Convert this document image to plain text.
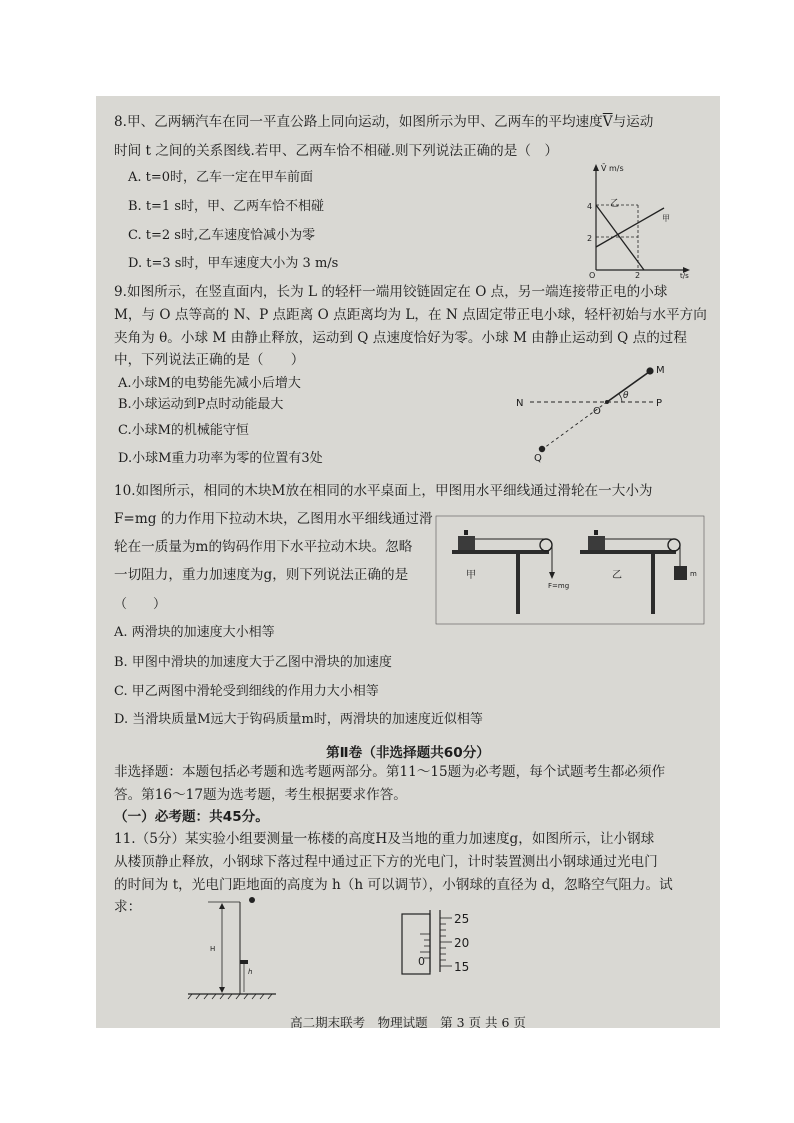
8.甲、乙两辆汽车在同一平直公路上同向运动，如图所示为甲、乙两车的平均速度$\overline{V}$与运动
时间 t 之间的关系图线.若甲、乙两车恰不相碰.则下列说法正确的是（　）
A. t=0时，乙车一定在甲车前面
B. t=1 s时，甲、乙两车恰不相碰
C. t=2 s时,乙车速度恰减小为零
D. t=3 s时，甲车速度大小为 3 m/s
V̄ m/s
4
2
O	2	t/s
乙
甲
9.如图所示，在竖直面内，长为 L 的轻杆一端用铰链固定在 O 点，另一端连接带正电的小球
M，与 O 点等高的 N、P 点距离 O 点距离均为 L，在 N 点固定带正电小球，轻杆初始与水平方向
夹角为 θ。小球 M 由静止释放，运动到 Q 点速度恰好为零。小球 M 由静止运动到 Q 点的过程
中，下列说法正确的是（　　）
A.小球M的电势能先减小后增大
B.小球运动到P点时动能最大
C.小球M的机械能守恒
D.小球M重力功率为零的位置有3处
M
N
O
P
Q
θ
10.如图所示，相同的木块M放在相同的水平桌面上，甲图用水平细线通过滑轮在一大小为
F=mg 的力作用下拉动木块，乙图用水平细线通过滑
轮在一质量为m的钩码作用下水平拉动木块。忽略
一切阻力，重力加速度为g，则下列说法正确的是
（　　）
A. 两滑块的加速度大小相等
B. 甲图中滑块的加速度大于乙图中滑块的加速度
C. 甲乙两图中滑轮受到细线的作用力大小相等
D. 当滑块质量M远大于钩码质量m时，两滑块的加速度近似相等
甲
F=mg
乙	m
第Ⅱ卷（非选择题共60分）
非选择题：本题包括必考题和选考题两部分。第11～15题为必考题，每个试题考生都必须作
答。第16～17题为选考题，考生根据要求作答。
（一）必考题：共45分。
11.（5分）某实验小组要测量一栋楼的高度H及当地的重力加速度g，如图所示，让小钢球
从楼顶静止释放，小钢球下落过程中通过正下方的光电门，计时装置测出小钢球通过光电门
的时间为 t，光电门距地面的高度为 h（h 可以调节），小钢球的直径为 d，忽略空气阻力。试
求：
H
h
25
20
15
0
高二期末联考　物理试题　第 3 页 共 6 页
